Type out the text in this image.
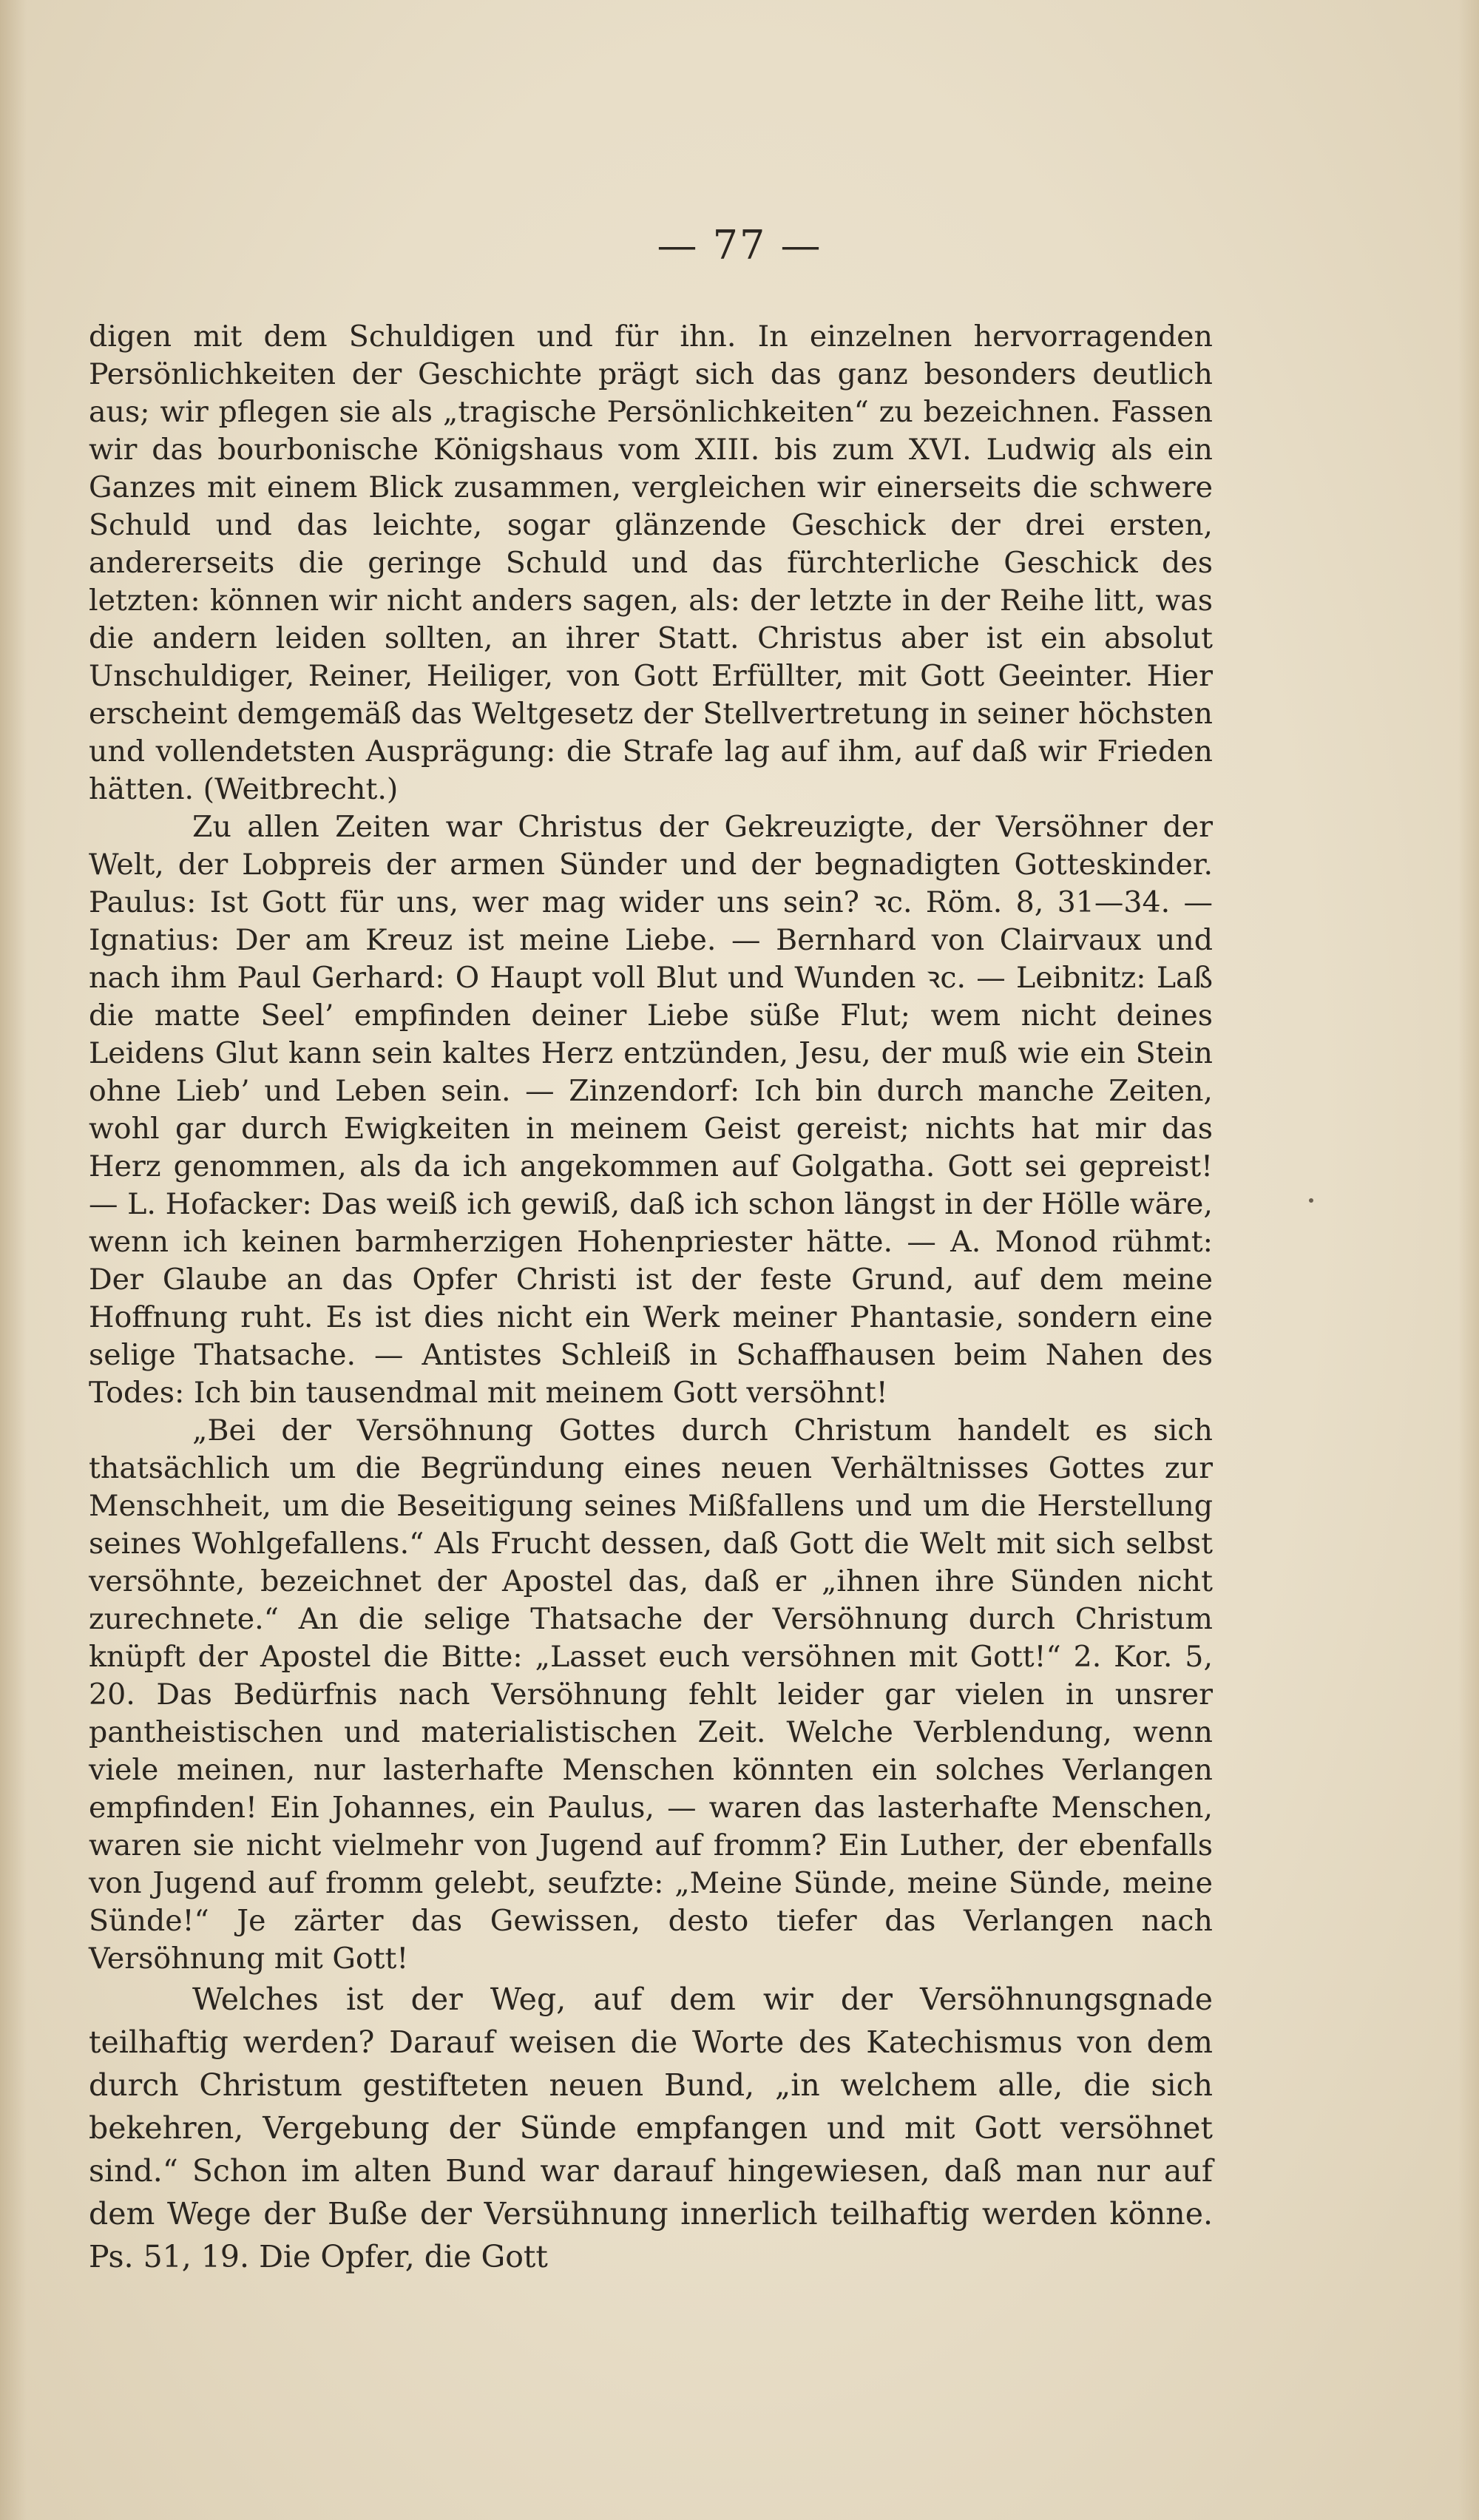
— 77 —

digen mit dem Schuldigen und für ihn. In einzelnen hervorragenden Persönlichkeiten der Geschichte prägt sich das ganz besonders deutlich aus; wir pflegen sie als „tragische Persönlichkeiten“ zu bezeichnen. Fassen wir das bourbonische Königshaus vom XIII. bis zum XVI. Ludwig als ein Ganzes mit einem Blick zusammen, vergleichen wir einerseits die schwere Schuld und das leichte, sogar glänzende Geschick der drei ersten, andererseits die geringe Schuld und das fürchterliche Geschick des letzten: können wir nicht anders sagen, als: der letzte in der Reihe litt, was die andern leiden sollten, an ihrer Statt. Christus aber ist ein absolut Unschuldiger, Reiner, Heiliger, von Gott Erfüllter, mit Gott Geeinter. Hier erscheint demgemäß das Weltgesetz der Stellvertretung in seiner höchsten und vollendetsten Ausprägung: die Strafe lag auf ihm, auf daß wir Frieden hätten. (Weitbrecht.)

Zu allen Zeiten war Christus der Gekreuzigte, der Versöhner der Welt, der Lobpreis der armen Sünder und der begnadigten Gotteskinder. Paulus: Ist Gott für uns, wer mag wider uns sein? ꝛc. Röm. 8, 31—34. — Ignatius: Der am Kreuz ist meine Liebe. — Bernhard von Clairvaux und nach ihm Paul Gerhard: O Haupt voll Blut und Wunden ꝛc. — Leibnitz: Laß die matte Seel’ empfinden deiner Liebe süße Flut; wem nicht deines Leidens Glut kann sein kaltes Herz entzünden, Jesu, der muß wie ein Stein ohne Lieb’ und Leben sein. — Zinzendorf: Ich bin durch manche Zeiten, wohl gar durch Ewigkeiten in meinem Geist gereist; nichts hat mir das Herz genommen, als da ich angekommen auf Golgatha. Gott sei gepreist! — L. Hofacker: Das weiß ich gewiß, daß ich schon längst in der Hölle wäre, wenn ich keinen barmherzigen Hohenpriester hätte. — A. Monod rühmt: Der Glaube an das Opfer Christi ist der feste Grund, auf dem meine Hoffnung ruht. Es ist dies nicht ein Werk meiner Phantasie, sondern eine selige Thatsache. — Antistes Schleiß in Schaffhausen beim Nahen des Todes: Ich bin tausendmal mit meinem Gott versöhnt!

„Bei der Versöhnung Gottes durch Christum handelt es sich thatsächlich um die Begründung eines neuen Verhältnisses Gottes zur Menschheit, um die Beseitigung seines Mißfallens und um die Herstellung seines Wohlgefallens.“ Als Frucht dessen, daß Gott die Welt mit sich selbst versöhnte, bezeichnet der Apostel das, daß er „ihnen ihre Sünden nicht zurechnete.“ An die selige Thatsache der Versöhnung durch Christum knüpft der Apostel die Bitte: „Lasset euch versöhnen mit Gott!“ 2. Kor. 5, 20. Das Bedürfnis nach Versöhnung fehlt leider gar vielen in unsrer pantheistischen und materialistischen Zeit. Welche Verblendung, wenn viele meinen, nur lasterhafte Menschen könnten ein solches Verlangen empfinden! Ein Johannes, ein Paulus, — waren das lasterhafte Menschen, waren sie nicht vielmehr von Jugend auf fromm? Ein Luther, der ebenfalls von Jugend auf fromm gelebt, seufzte: „Meine Sünde, meine Sünde, meine Sünde!“ Je zärter das Gewissen, desto tiefer das Verlangen nach Versöhnung mit Gott!

Welches ist der Weg, auf dem wir der Versöhnungsgnade teilhaftig werden? Darauf weisen die Worte des Katechismus von dem durch Christum gestifteten neuen Bund, „in welchem alle, die sich bekehren, Vergebung der Sünde empfangen und mit Gott versöhnet sind.“ Schon im alten Bund war darauf hingewiesen, daß man nur auf dem Wege der Buße der Versühnung innerlich teilhaftig werden könne. Ps. 51, 19. Die Opfer, die Gott
